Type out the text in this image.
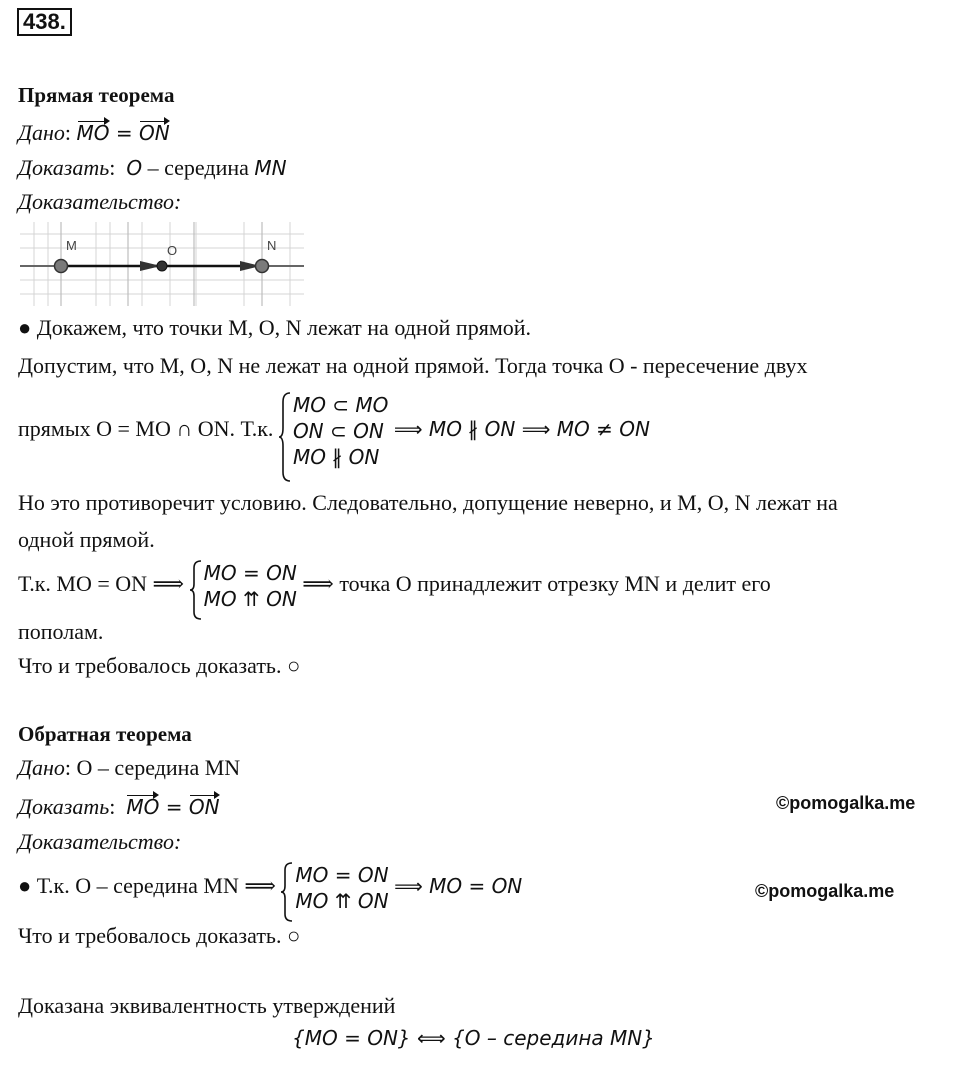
438.
Прямая теорема
Дано: MO = ON
Доказать:  O – середина MN
Доказательство:
M	O	N
● Докажем, что точки M, O, N лежат на одной прямой.
Допустим, что M, O, N не лежат на одной прямой. Тогда точка O - пересечение двух
прямых O = MO ∩ ON. Т.к.
MO ⊂ MO
ON ⊂ ON
MO ∦ ON
⟹ MO ∦ ON ⟹ MO ≠ ON
Но это противоречит условию. Следовательно, допущение неверно, и M, O, N лежат на
одной прямой.
Т.к. MO = ON ⟹ MO = ON
MO ⇈ ON
⟹ точка O принадлежит отрезку MN и делит его
пополам.
Что и требовалось доказать. ○
Обратная теорема
Дано: O – середина MN
Доказать:  MO = ON
Доказательство:
● Т.к. O – середина MN ⟹ MO = ON
MO ⇈ ON
⟹ MO = ON
Что и требовалось доказать. ○
Доказана эквивалентность утверждений
{MO = ON} ⟺ {O – середина MN}
©pomogalka.me
©pomogalka.me
